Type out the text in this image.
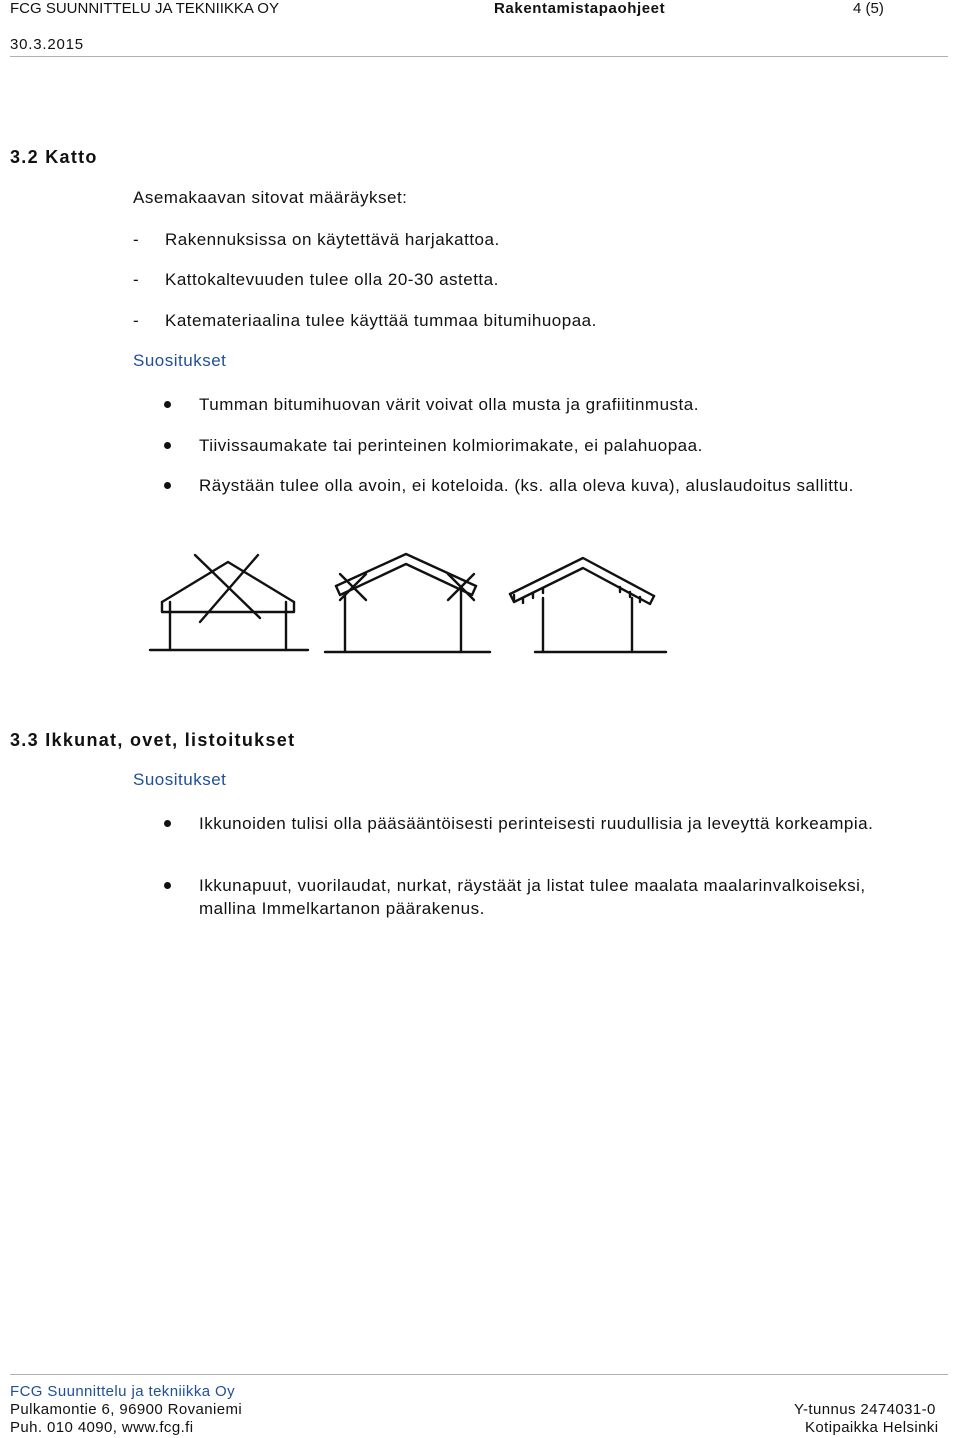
FCG SUUNNITTELU JA TEKNIIKKA OY	Rakentamistapaohjeet	4 (5)
30.3.2015
3.2 Katto
Asemakaavan sitovat määräykset:
- Rakennuksissa on käytettävä harjakattoa.
- Kattokaltevuuden tulee olla 20-30 astetta.
- Katemateriaalina tulee käyttää tummaa bitumihuopaa.
Suositukset
Tumman bitumihuovan värit voivat olla musta ja grafiitinmusta.
Tiivissaumakate tai perinteinen kolmiorimakate, ei palahuopaa.
Räystään tulee olla avoin, ei koteloida. (ks. alla oleva kuva), aluslaudoitus sallittu.
3.3 Ikkunat, ovet, listoitukset
Suositukset
Ikkunoiden tulisi olla pääsääntöisesti perinteisesti ruudullisia ja leveyttä korkeampia.
Ikkunapuut, vuorilaudat, nurkat, räystäät ja listat tulee maalata maalarinvalkoiseksi, mallina Immelkartanon päärakenus.
FCG Suunnittelu ja tekniikka Oy
Pulkamontie 6, 96900 Rovaniemi
Puh. 010 4090, www.fcg.fi
Y-tunnus 2474031-0
Kotipaikka Helsinki
